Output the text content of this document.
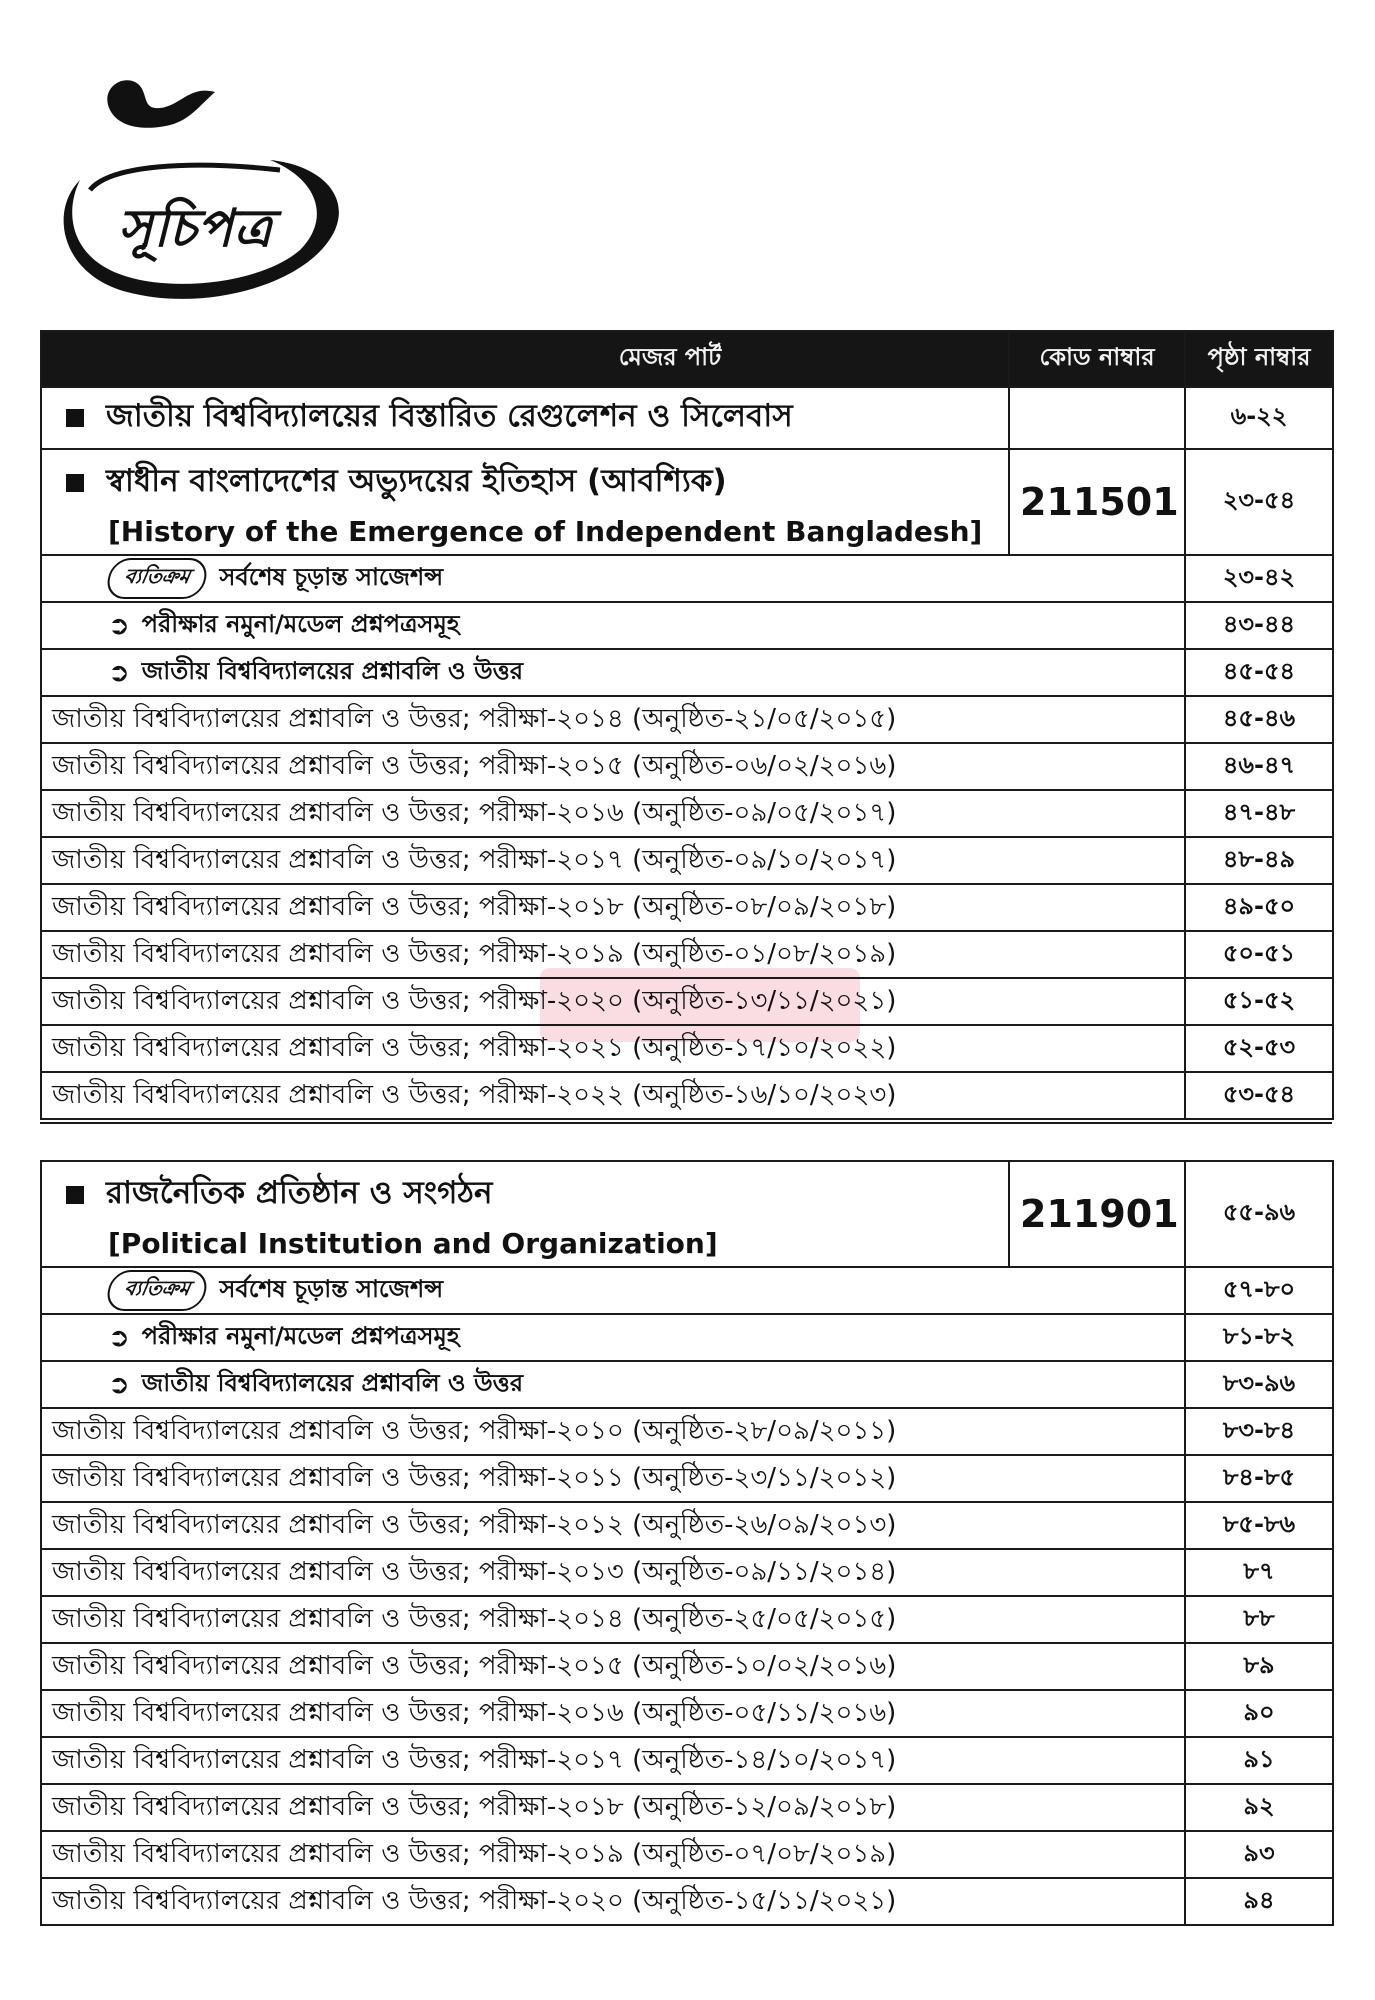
সূচিপত্র
মেজর পার্ট	কোড নাম্বার	পৃষ্ঠা নাম্বার

জাতীয় বিশ্ববিদ্যালয়ের বিস্তারিত রেগুলেশন ও সিলেবাস		৬-২২

স্বাধীন বাংলাদেশের অভ্যুদয়ের ইতিহাস (আবশ্যিক)
[History of the Emergence of Independent Bangladesh]	211501	২৩-৫৪

ব্যতিক্রম সর্বশেষ চূড়ান্ত সাজেশন্স		২৩-৪২

➲ পরীক্ষার নমুনা/মডেল প্রশ্নপত্রসমূহ		৪৩-৪৪

➲ জাতীয় বিশ্ববিদ্যালয়ের প্রশ্নাবলি ও উত্তর		৪৫-৫৪
জাতীয় বিশ্ববিদ্যালয়ের প্রশ্নাবলি ও উত্তর; পরীক্ষা-২০১৪ (অনুষ্ঠিত-২১/০৫/২০১৫)		৪৫-৪৬
জাতীয় বিশ্ববিদ্যালয়ের প্রশ্নাবলি ও উত্তর; পরীক্ষা-২০১৫ (অনুষ্ঠিত-০৬/০২/২০১৬)		৪৬-৪৭
জাতীয় বিশ্ববিদ্যালয়ের প্রশ্নাবলি ও উত্তর; পরীক্ষা-২০১৬ (অনুষ্ঠিত-০৯/০৫/২০১৭)		৪৭-৪৮
জাতীয় বিশ্ববিদ্যালয়ের প্রশ্নাবলি ও উত্তর; পরীক্ষা-২০১৭ (অনুষ্ঠিত-০৯/১০/২০১৭)		৪৮-৪৯
জাতীয় বিশ্ববিদ্যালয়ের প্রশ্নাবলি ও উত্তর; পরীক্ষা-২০১৮ (অনুষ্ঠিত-০৮/০৯/২০১৮)		৪৯-৫০
জাতীয় বিশ্ববিদ্যালয়ের প্রশ্নাবলি ও উত্তর; পরীক্ষা-২০১৯ (অনুষ্ঠিত-০১/০৮/২০১৯)		৫০-৫১
জাতীয় বিশ্ববিদ্যালয়ের প্রশ্নাবলি ও উত্তর; পরীক্ষা-২০২০ (অনুষ্ঠিত-১৩/১১/২০২১)		৫১-৫২
জাতীয় বিশ্ববিদ্যালয়ের প্রশ্নাবলি ও উত্তর; পরীক্ষা-২০২১ (অনুষ্ঠিত-১৭/১০/২০২২)		৫২-৫৩
জাতীয় বিশ্ববিদ্যালয়ের প্রশ্নাবলি ও উত্তর; পরীক্ষা-২০২২ (অনুষ্ঠিত-১৬/১০/২০২৩)		৫৩-৫৪
রাজনৈতিক প্রতিষ্ঠান ও সংগঠন
[Political Institution and Organization]	211901	৫৫-৯৬

ব্যতিক্রম সর্বশেষ চূড়ান্ত সাজেশন্স		৫৭-৮০

➲ পরীক্ষার নমুনা/মডেল প্রশ্নপত্রসমূহ		৮১-৮২

➲ জাতীয় বিশ্ববিদ্যালয়ের প্রশ্নাবলি ও উত্তর		৮৩-৯৬
জাতীয় বিশ্ববিদ্যালয়ের প্রশ্নাবলি ও উত্তর; পরীক্ষা-২০১০ (অনুষ্ঠিত-২৮/০৯/২০১১)		৮৩-৮৪
জাতীয় বিশ্ববিদ্যালয়ের প্রশ্নাবলি ও উত্তর; পরীক্ষা-২০১১ (অনুষ্ঠিত-২৩/১১/২০১২)		৮৪-৮৫
জাতীয় বিশ্ববিদ্যালয়ের প্রশ্নাবলি ও উত্তর; পরীক্ষা-২০১২ (অনুষ্ঠিত-২৬/০৯/২০১৩)		৮৫-৮৬
জাতীয় বিশ্ববিদ্যালয়ের প্রশ্নাবলি ও উত্তর; পরীক্ষা-২০১৩ (অনুষ্ঠিত-০৯/১১/২০১৪)		৮৭
জাতীয় বিশ্ববিদ্যালয়ের প্রশ্নাবলি ও উত্তর; পরীক্ষা-২০১৪ (অনুষ্ঠিত-২৫/০৫/২০১৫)		৮৮
জাতীয় বিশ্ববিদ্যালয়ের প্রশ্নাবলি ও উত্তর; পরীক্ষা-২০১৫ (অনুষ্ঠিত-১০/০২/২০১৬)		৮৯
জাতীয় বিশ্ববিদ্যালয়ের প্রশ্নাবলি ও উত্তর; পরীক্ষা-২০১৬ (অনুষ্ঠিত-০৫/১১/২০১৬)		৯০
জাতীয় বিশ্ববিদ্যালয়ের প্রশ্নাবলি ও উত্তর; পরীক্ষা-২০১৭ (অনুষ্ঠিত-১৪/১০/২০১৭)		৯১
জাতীয় বিশ্ববিদ্যালয়ের প্রশ্নাবলি ও উত্তর; পরীক্ষা-২০১৮ (অনুষ্ঠিত-১২/০৯/২০১৮)		৯২
জাতীয় বিশ্ববিদ্যালয়ের প্রশ্নাবলি ও উত্তর; পরীক্ষা-২০১৯ (অনুষ্ঠিত-০৭/০৮/২০১৯)		৯৩
জাতীয় বিশ্ববিদ্যালয়ের প্রশ্নাবলি ও উত্তর; পরীক্ষা-২০২০ (অনুষ্ঠিত-১৫/১১/২০২১)		৯৪
